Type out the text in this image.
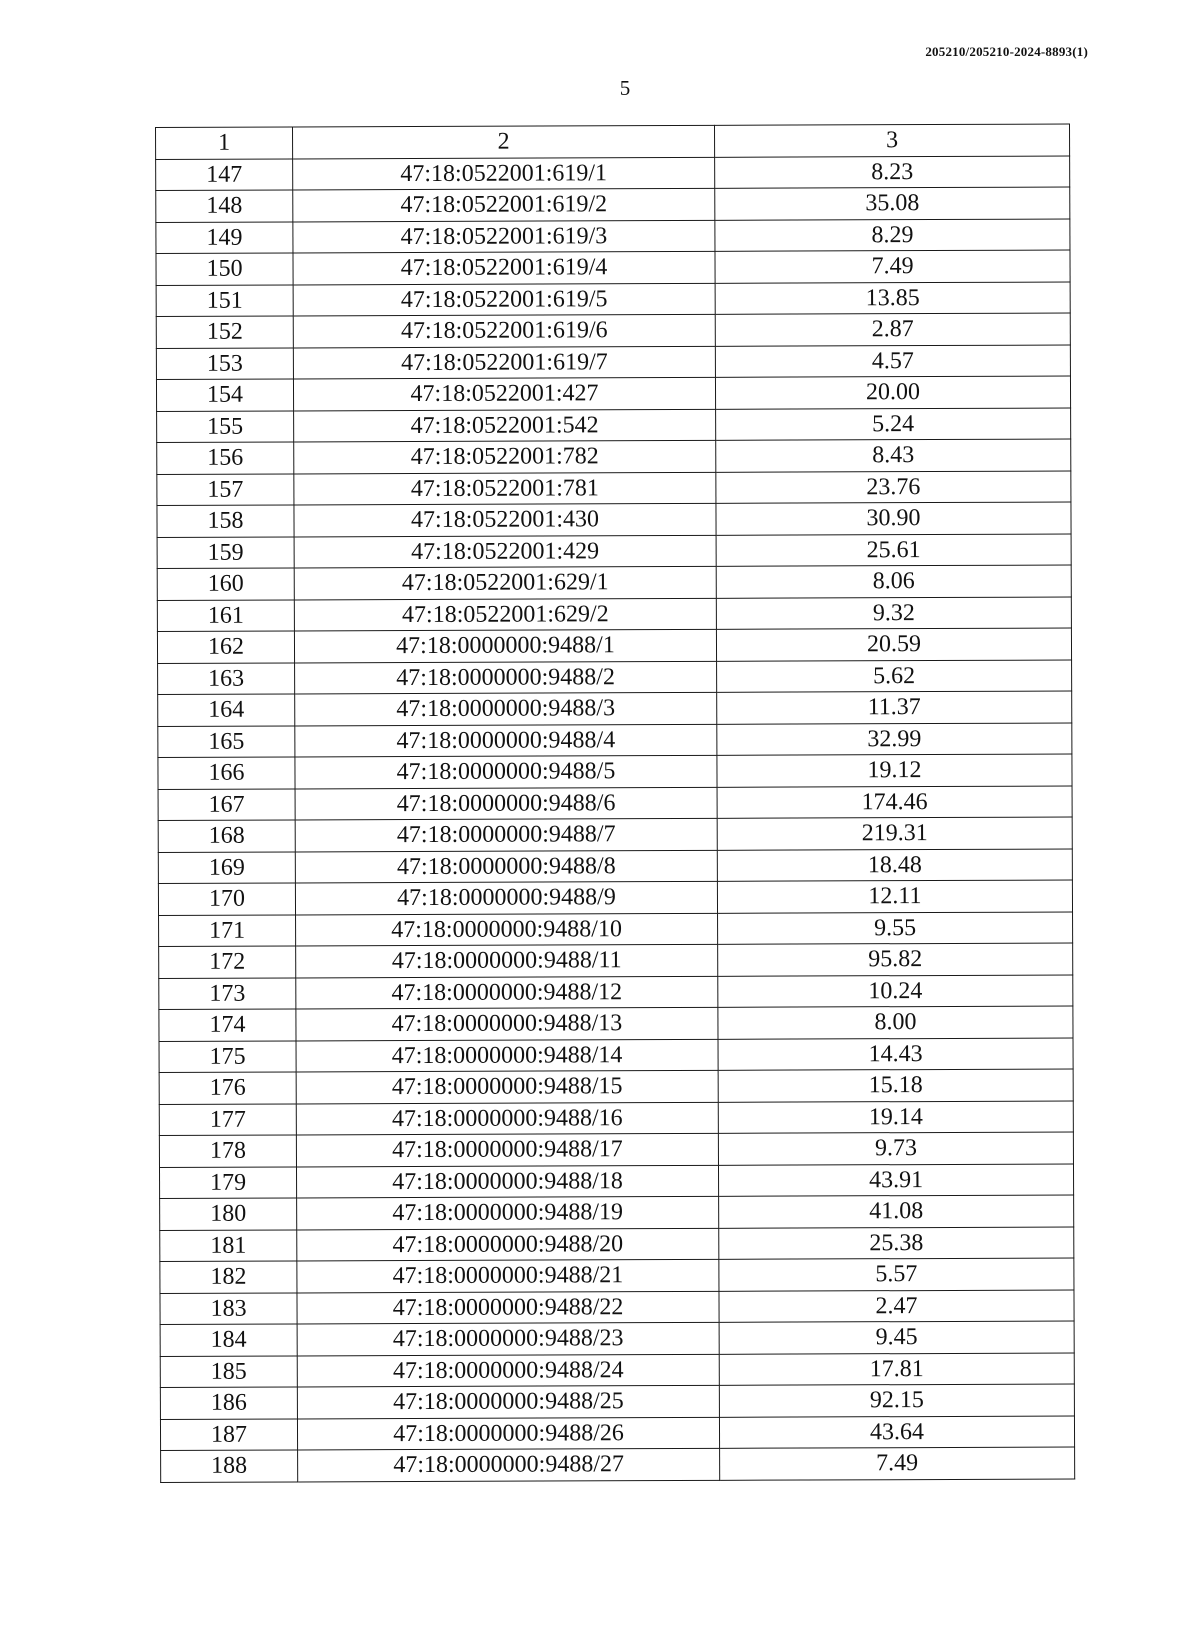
205210/205210-2024-8893(1)
5
1	2	3
147	47:18:0522001:619/1	8.23
148	47:18:0522001:619/2	35.08
149	47:18:0522001:619/3	8.29
150	47:18:0522001:619/4	7.49
151	47:18:0522001:619/5	13.85
152	47:18:0522001:619/6	2.87
153	47:18:0522001:619/7	4.57
154	47:18:0522001:427	20.00
155	47:18:0522001:542	5.24
156	47:18:0522001:782	8.43
157	47:18:0522001:781	23.76
158	47:18:0522001:430	30.90
159	47:18:0522001:429	25.61
160	47:18:0522001:629/1	8.06
161	47:18:0522001:629/2	9.32
162	47:18:0000000:9488/1	20.59
163	47:18:0000000:9488/2	5.62
164	47:18:0000000:9488/3	11.37
165	47:18:0000000:9488/4	32.99
166	47:18:0000000:9488/5	19.12
167	47:18:0000000:9488/6	174.46
168	47:18:0000000:9488/7	219.31
169	47:18:0000000:9488/8	18.48
170	47:18:0000000:9488/9	12.11
171	47:18:0000000:9488/10	9.55
172	47:18:0000000:9488/11	95.82
173	47:18:0000000:9488/12	10.24
174	47:18:0000000:9488/13	8.00
175	47:18:0000000:9488/14	14.43
176	47:18:0000000:9488/15	15.18
177	47:18:0000000:9488/16	19.14
178	47:18:0000000:9488/17	9.73
179	47:18:0000000:9488/18	43.91
180	47:18:0000000:9488/19	41.08
181	47:18:0000000:9488/20	25.38
182	47:18:0000000:9488/21	5.57
183	47:18:0000000:9488/22	2.47
184	47:18:0000000:9488/23	9.45
185	47:18:0000000:9488/24	17.81
186	47:18:0000000:9488/25	92.15
187	47:18:0000000:9488/26	43.64
188	47:18:0000000:9488/27	7.49
